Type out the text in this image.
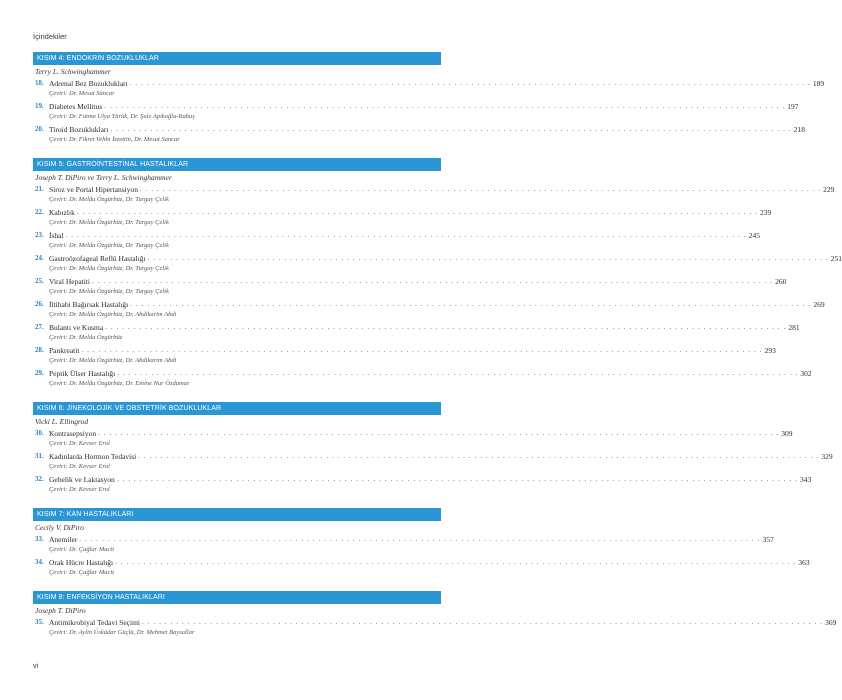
İçindekiler
KISIM 4: ENDOKRİN BOZUKLUKLAR
Terry L. Schwinghammer
18. Adrenal Bez Bozuklukları . . . . . . . . . . . . . . . . . . . . . . . . . . . . . . . . . . . . . . . . . . . . . . . . . . . . . . . . . . . . . . . . . . . . . . . . . . . . . . . . . . . . . . . . . . . . . . . . . . . . . . . . . . . . . . . . . . . . . . . . 189
Çeviri: Dr. Mesut Sancar
19. Diabetes Mellitus . . . . . . . . . . . . . . . . . . . . . . . . . . . . . . . . . . . . . . . . . . . . . . . . . . . . . . . . . . . . . . . . . . . . . . . . . . . . . . . . . . . . . . . . . . . . . . . . . . . . . . . . . . . . . . . . . . . . . . . . 197
Çeviri: Dr. Fatma Ulya Yürük, Dr. Şule Apikoğlu-Rabuş
20. Tiroid Bozuklukları . . . . . . . . . . . . . . . . . . . . . . . . . . . . . . . . . . . . . . . . . . . . . . . . . . . . . . . . . . . . . . . . . . . . . . . . . . . . . . . . . . . . . . . . . . . . . . . . . . . . . . . . . . . . . . . . . . . . . . . . 218
Çeviri: Dr. Fikret Vehbi İzzettin, Dr. Mesut Sancar
KISIM 5: GASTROİNTESTİNAL HASTALIKLAR
Joseph T. DiPiro ve Terry L. Schwinghammer
21. Siroz ve Portal Hipertansiyon . . . . . . . . . . . . . . . . . . . . . . . . . . . . . . . . . . . . . . . . . . . . . . . . . . . . . . . . . . . . . . . . . . . . . . . . . . . . . . . . . . . . . . . . . . . . . . . . . . . . . . . . . . . . . . . . . . . . . . . . 229
Çeviri: Dr. Melda Özgürbüz, Dr. Turgay Çelik
22. Kabızlık . . . . . . . . . . . . . . . . . . . . . . . . . . . . . . . . . . . . . . . . . . . . . . . . . . . . . . . . . . . . . . . . . . . . . . . . . . . . . . . . . . . . . . . . . . . . . . . . . . . . . . . . . . . . . . . . . . . . . . . . 239
Çeviri: Dr. Melda Özgürbüz, Dr. Turgay Çelik
23. İshal . . . . . . . . . . . . . . . . . . . . . . . . . . . . . . . . . . . . . . . . . . . . . . . . . . . . . . . . . . . . . . . . . . . . . . . . . . . . . . . . . . . . . . . . . . . . . . . . . . . . . . . . . . . . . . . . . . . . . . . . 245
Çeviri: Dr. Melda Özgürbüz, Dr. Turgay Çelik
24. Gastroözofageal Reflü Hastalığı . . . . . . . . . . . . . . . . . . . . . . . . . . . . . . . . . . . . . . . . . . . . . . . . . . . . . . . . . . . . . . . . . . . . . . . . . . . . . . . . . . . . . . . . . . . . . . . . . . . . . . . . . . . . . . . . . . . . . . . . 251
Çeviri: Dr. Melda Özgürbüz, Dr. Turgay Çelik
25. Viral Hepatiti . . . . . . . . . . . . . . . . . . . . . . . . . . . . . . . . . . . . . . . . . . . . . . . . . . . . . . . . . . . . . . . . . . . . . . . . . . . . . . . . . . . . . . . . . . . . . . . . . . . . . . . . . . . . . . . . . . . . . . . . 260
Çeviri: Dr. Melda Özgürbüz, Dr. Turgay Çelik
26. İltihabi Bağırsak Hastalığı . . . . . . . . . . . . . . . . . . . . . . . . . . . . . . . . . . . . . . . . . . . . . . . . . . . . . . . . . . . . . . . . . . . . . . . . . . . . . . . . . . . . . . . . . . . . . . . . . . . . . . . . . . . . . . . . . . . . . . . . 269
Çeviri: Dr. Melda Özgürbüz, Dr. Abdikarim Abdi
27. Bulantı ve Kusma . . . . . . . . . . . . . . . . . . . . . . . . . . . . . . . . . . . . . . . . . . . . . . . . . . . . . . . . . . . . . . . . . . . . . . . . . . . . . . . . . . . . . . . . . . . . . . . . . . . . . . . . . . . . . . . . . . . . . . . . 281
Çeviri: Dr. Melda Özgürbüz
28. Pankreatit . . . . . . . . . . . . . . . . . . . . . . . . . . . . . . . . . . . . . . . . . . . . . . . . . . . . . . . . . . . . . . . . . . . . . . . . . . . . . . . . . . . . . . . . . . . . . . . . . . . . . . . . . . . . . . . . . . . . . . . . 293
Çeviri: Dr. Melda Özgürbüz, Dr. Abdikarim Abdi
29. Peptik Ülser Hastalığı . . . . . . . . . . . . . . . . . . . . . . . . . . . . . . . . . . . . . . . . . . . . . . . . . . . . . . . . . . . . . . . . . . . . . . . . . . . . . . . . . . . . . . . . . . . . . . . . . . . . . . . . . . . . . . . . . . . . . . . . 302
Çeviri: Dr. Melda Özgürbüz, Dr. Emine Nur Özdamar
KISIM 6: JİNEKOLOJİK VE OBSTETRİK BOZUKLUKLAR
Vicki L. Ellingrod
30. Kontrasepsiyon . . . . . . . . . . . . . . . . . . . . . . . . . . . . . . . . . . . . . . . . . . . . . . . . . . . . . . . . . . . . . . . . . . . . . . . . . . . . . . . . . . . . . . . . . . . . . . . . . . . . . . . . . . . . . . . . . . . . . . . . 309
Çeviri: Dr. Kevser Erol
31. Kadınlarda Hormon Tedavisi . . . . . . . . . . . . . . . . . . . . . . . . . . . . . . . . . . . . . . . . . . . . . . . . . . . . . . . . . . . . . . . . . . . . . . . . . . . . . . . . . . . . . . . . . . . . . . . . . . . . . . . . . . . . . . . . . . . . . . . . 329
Çeviri: Dr. Kevser Erol
32. Gebelik ve Laktasyon . . . . . . . . . . . . . . . . . . . . . . . . . . . . . . . . . . . . . . . . . . . . . . . . . . . . . . . . . . . . . . . . . . . . . . . . . . . . . . . . . . . . . . . . . . . . . . . . . . . . . . . . . . . . . . . . . . . . . . . . 343
Çeviri: Dr. Kevser Erol
KISIM 7: KAN HASTALIKLARI
Cecily V. DiPiro
33. Anemiler . . . . . . . . . . . . . . . . . . . . . . . . . . . . . . . . . . . . . . . . . . . . . . . . . . . . . . . . . . . . . . . . . . . . . . . . . . . . . . . . . . . . . . . . . . . . . . . . . . . . . . . . . . . . . . . . . . . . . . . . 357
Çeviri: Dr. Çağlar Macit
34. Orak Hücre Hastalığı . . . . . . . . . . . . . . . . . . . . . . . . . . . . . . . . . . . . . . . . . . . . . . . . . . . . . . . . . . . . . . . . . . . . . . . . . . . . . . . . . . . . . . . . . . . . . . . . . . . . . . . . . . . . . . . . . . . . . . . . 363
Çeviri: Dr. Çağlar Macit
KISIM 8: ENFEKSİYON HASTALIKLARI
Joseph T. DiPiro
35. Antimikrobiyal Tedavi Seçimi . . . . . . . . . . . . . . . . . . . . . . . . . . . . . . . . . . . . . . . . . . . . . . . . . . . . . . . . . . . . . . . . . . . . . . . . . . . . . . . . . . . . . . . . . . . . . . . . . . . . . . . . . . . . . . . . . . . . . . . . 369
Çeviri: Dr. Aylin Üsküdar Güçlü, Dr. Mehmet Baysallar
vi
